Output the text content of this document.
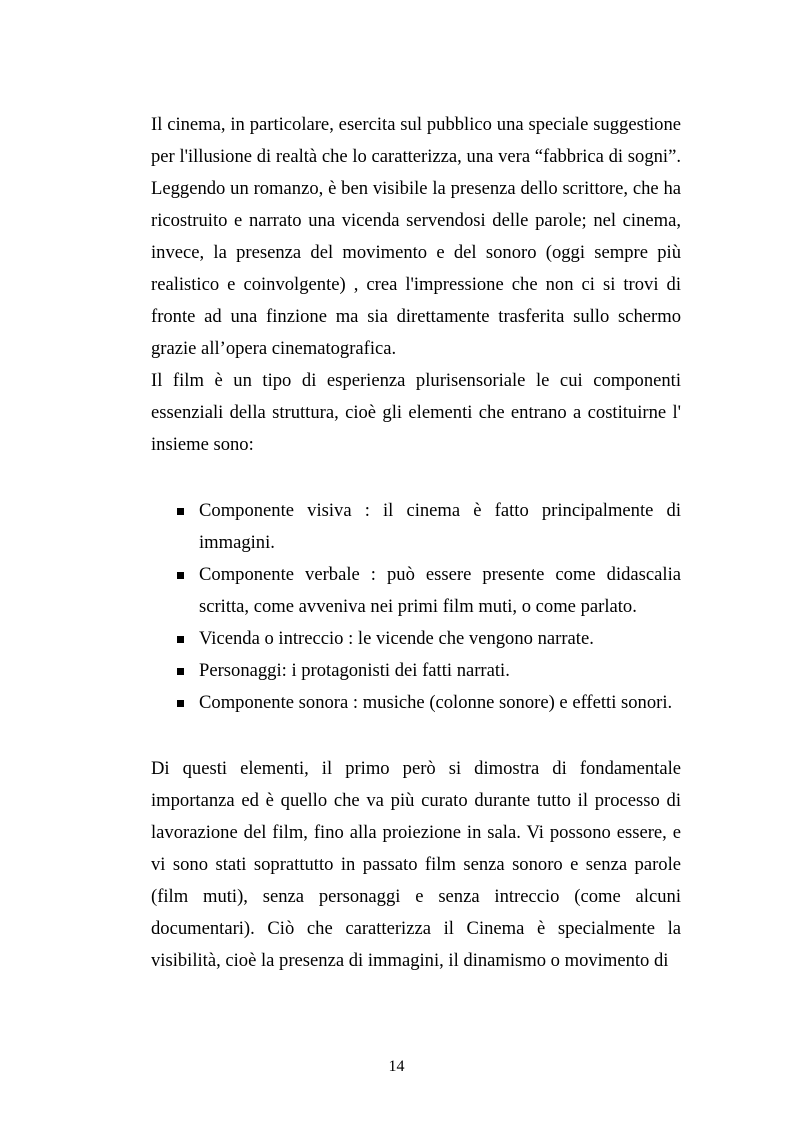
Il cinema, in particolare, esercita sul pubblico una speciale suggestione per l'illusione di realtà che lo caratterizza, una vera “fabbrica di sogni”. Leggendo un romanzo, è ben visibile la presenza dello scrittore, che ha ricostruito e narrato una vicenda servendosi delle parole; nel cinema, invece, la presenza del movimento e del sonoro (oggi sempre più realistico e coinvolgente) , crea l'impressione che non ci si trovi di fronte ad una finzione ma sia direttamente trasferita sullo schermo grazie all’opera cinematografica.

Il film è un tipo di esperienza plurisensoriale le cui componenti essenziali della struttura, cioè gli elementi che entrano a costituirne l' insieme sono:

Componente visiva : il cinema è fatto principalmente di immagini.
Componente verbale : può essere presente come didascalia scritta, come avveniva nei primi film muti, o come parlato.
Vicenda o intreccio : le vicende che vengono narrate.
Personaggi: i protagonisti dei fatti narrati.
Componente sonora : musiche (colonne sonore) e effetti sonori.

Di questi elementi, il primo però si dimostra di fondamentale importanza ed è quello che va più curato durante tutto il processo di lavorazione del film, fino alla proiezione in sala. Vi possono essere, e vi sono stati soprattutto in passato film senza sonoro e senza parole (film muti), senza personaggi e senza intreccio (come alcuni documentari). Ciò che caratterizza il Cinema è specialmente la visibilità, cioè la presenza di immagini, il dinamismo o movimento di

14
